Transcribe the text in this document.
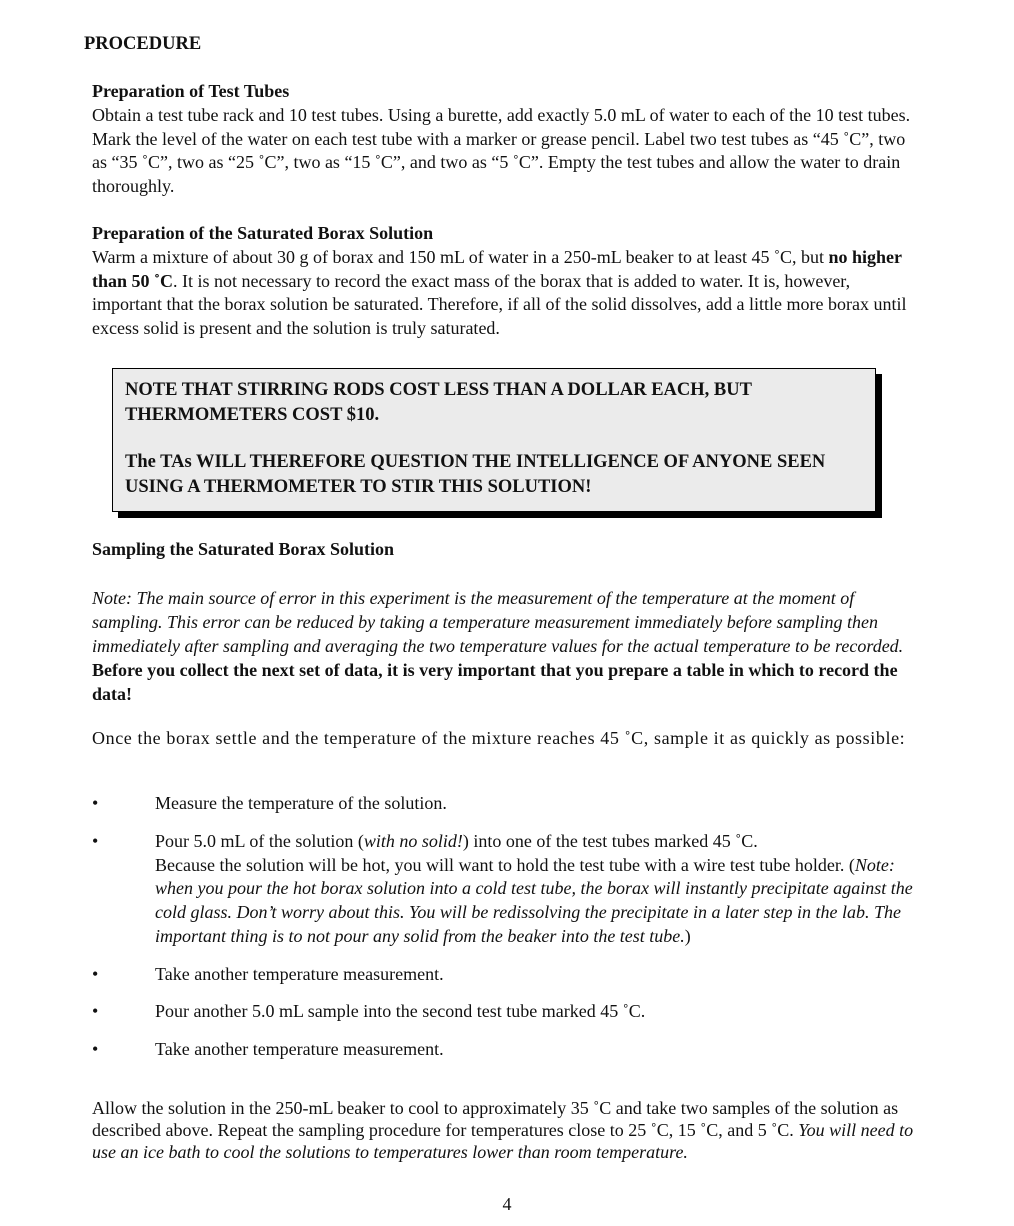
PROCEDURE

Preparation of Test Tubes

Obtain a test tube rack and 10 test tubes. Using a burette, add exactly 5.0 mL of water to each of the 10 test tubes. Mark the level of the water on each test tube with a marker or grease pencil. Label two test tubes as “45 ˚C”, two as “35 ˚C”, two as “25 ˚C”, two as “15 ˚C”, and two as “5 ˚C”. Empty the test tubes and allow the water to drain thoroughly.

Preparation of the Saturated Borax Solution

Warm a mixture of about 30 g of borax and 150 mL of water in a 250-mL beaker to at least 45 ˚C, but no higher than 50 ˚C. It is not necessary to record the exact mass of the borax that is added to water. It is, however, important that the borax solution be saturated. Therefore, if all of the solid dissolves, add a little more borax until excess solid is present and the solution is truly saturated.

NOTE THAT STIRRING RODS COST LESS THAN A DOLLAR EACH, BUT THERMOMETERS COST $10.

The TAs WILL THEREFORE QUESTION THE INTELLIGENCE OF ANYONE SEEN USING A THERMOMETER TO STIR THIS SOLUTION!

Sampling the Saturated Borax Solution

Note: The main source of error in this experiment is the measurement of the temperature at the moment of sampling. This error can be reduced by taking a temperature measurement immediately before sampling then immediately after sampling and averaging the two temperature values for the actual temperature to be recorded. Before you collect the next set of data, it is very important that you prepare a table in which to record the data!

Once the borax settle and the temperature of the mixture reaches 45 ˚C, sample it as quickly as possible:

•	Measure the temperature of the solution.
•	Pour 5.0 mL of the solution (with no solid!) into one of the test tubes marked 45 ˚C.
Because the solution will be hot, you will want to hold the test tube with a wire test tube holder. (Note: when you pour the hot borax solution into a cold test tube, the borax will instantly precipitate against the cold glass. Don’t worry about this. You will be redissolving the precipitate in a later step in the lab. The important thing is to not pour any solid from the beaker into the test tube.)
•	Take another temperature measurement.
•	Pour another 5.0 mL sample into the second test tube marked 45 ˚C.
•	Take another temperature measurement.

Allow the solution in the 250-mL beaker to cool to approximately 35 ˚C and take two samples of the solution as described above. Repeat the sampling procedure for temperatures close to 25 ˚C, 15 ˚C, and 5 ˚C. You will need to use an ice bath to cool the solutions to temperatures lower than room temperature.

4
